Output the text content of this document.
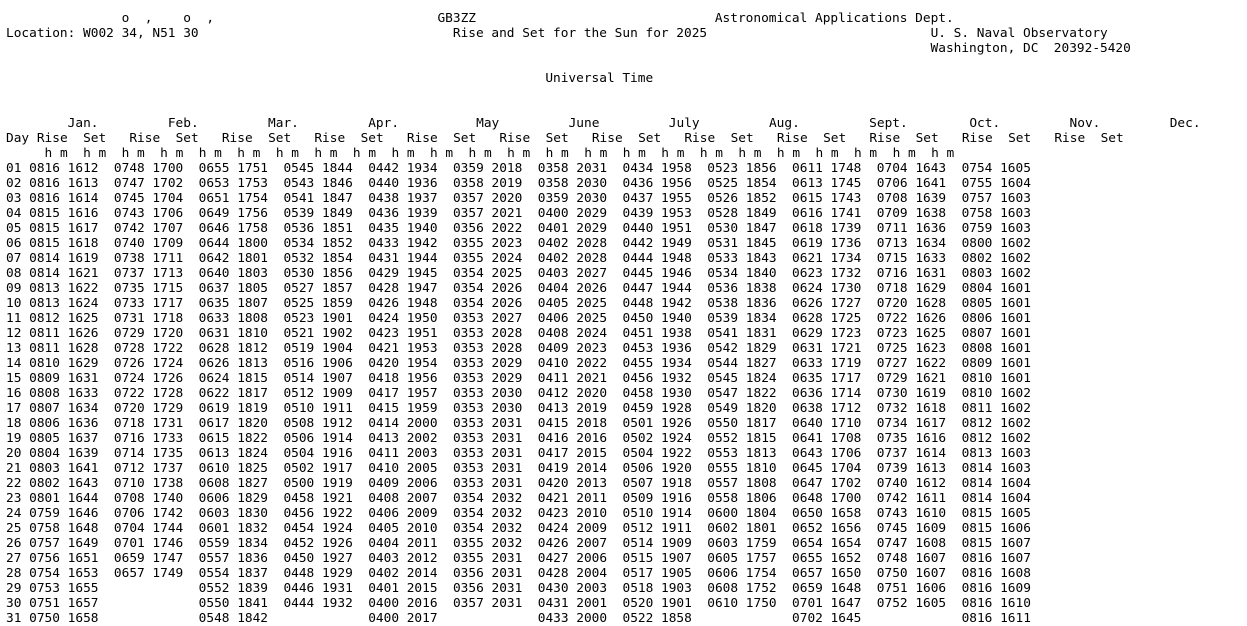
o  ,    o  ,	GB3ZZ	Astronomical Applications Dept.
Location: W002 34, N51 30	Rise and Set for the Sun for 2025	U. S. Naval Observatory
Washington, DC  20392-5420

Universal Time

Jan.	Feb.	Mar.	Apr.	May	June	July	Aug.	Sept.	Oct.	Nov.	Dec.
Day Rise Set Rise Set Rise Set Rise Set Rise Set Rise Set Rise Set Rise Set Rise Set Rise Set Rise Set Rise Set
h m h m h m h m h m h m h m h m h m h m h m h m h m h m h m h m h m h m h m h m h m h m h m h m
01 0816 1612 0748 1700 0655 1751 0545 1844 0442 1934 0359 2018 0358 2031 0434 1958 0523 1856 0611 1748 0704 1643 0754 1605
02 0816 1613 0747 1702 0653 1753 0543 1846 0440 1936 0358 2019 0358 2030 0436 1956 0525 1854 0613 1745 0706 1641 0755 1604
03 0816 1614 0745 1704 0651 1754 0541 1847 0438 1937 0357 2020 0359 2030 0437 1955 0526 1852 0615 1743 0708 1639 0757 1603
04 0815 1616 0743 1706 0649 1756 0539 1849 0436 1939 0357 2021 0400 2029 0439 1953 0528 1849 0616 1741 0709 1638 0758 1603
05 0815 1617 0742 1707 0646 1758 0536 1851 0435 1940 0356 2022 0401 2029 0440 1951 0530 1847 0618 1739 0711 1636 0759 1603
06 0815 1618 0740 1709 0644 1800 0534 1852 0433 1942 0355 2023 0402 2028 0442 1949 0531 1845 0619 1736 0713 1634 0800 1602
07 0814 1619 0738 1711 0642 1801 0532 1854 0431 1944 0355 2024 0402 2028 0444 1948 0533 1843 0621 1734 0715 1633 0802 1602
08 0814 1621 0737 1713 0640 1803 0530 1856 0429 1945 0354 2025 0403 2027 0445 1946 0534 1840 0623 1732 0716 1631 0803 1602
09 0813 1622 0735 1715 0637 1805 0527 1857 0428 1947 0354 2026 0404 2026 0447 1944 0536 1838 0624 1730 0718 1629 0804 1601
10 0813 1624 0733 1717 0635 1807 0525 1859 0426 1948 0354 2026 0405 2025 0448 1942 0538 1836 0626 1727 0720 1628 0805 1601
11 0812 1625 0731 1718 0633 1808 0523 1901 0424 1950 0353 2027 0406 2025 0450 1940 0539 1834 0628 1725 0722 1626 0806 1601
12 0811 1626 0729 1720 0631 1810 0521 1902 0423 1951 0353 2028 0408 2024 0451 1938 0541 1831 0629 1723 0723 1625 0807 1601
13 0811 1628 0728 1722 0628 1812 0519 1904 0421 1953 0353 2028 0409 2023 0453 1936 0542 1829 0631 1721 0725 1623 0808 1601
14 0810 1629 0726 1724 0626 1813 0516 1906 0420 1954 0353 2029 0410 2022 0455 1934 0544 1827 0633 1719 0727 1622 0809 1601
15 0809 1631 0724 1726 0624 1815 0514 1907 0418 1956 0353 2029 0411 2021 0456 1932 0545 1824 0635 1717 0729 1621 0810 1601
16 0808 1633 0722 1728 0622 1817 0512 1909 0417 1957 0353 2030 0412 2020 0458 1930 0547 1822 0636 1714 0730 1619 0810 1602
17 0807 1634 0720 1729 0619 1819 0510 1911 0415 1959 0353 2030 0413 2019 0459 1928 0549 1820 0638 1712 0732 1618 0811 1602
18 0806 1636 0718 1731 0617 1820 0508 1912 0414 2000 0353 2031 0415 2018 0501 1926 0550 1817 0640 1710 0734 1617 0812 1602
19 0805 1637 0716 1733 0615 1822 0506 1914 0413 2002 0353 2031 0416 2016 0502 1924 0552 1815 0641 1708 0735 1616 0812 1602
20 0804 1639 0714 1735 0613 1824 0504 1916 0411 2003 0353 2031 0417 2015 0504 1922 0553 1813 0643 1706 0737 1614 0813 1603
21 0803 1641 0712 1737 0610 1825 0502 1917 0410 2005 0353 2031 0419 2014 0506 1920 0555 1810 0645 1704 0739 1613 0814 1603
22 0802 1643 0710 1738 0608 1827 0500 1919 0409 2006 0353 2031 0420 2013 0507 1918 0557 1808 0647 1702 0740 1612 0814 1604
23 0801 1644 0708 1740 0606 1829 0458 1921 0408 2007 0354 2032 0421 2011 0509 1916 0558 1806 0648 1700 0742 1611 0814 1604
24 0759 1646 0706 1742 0603 1830 0456 1922 0406 2009 0354 2032 0423 2010 0510 1914 0600 1804 0650 1658 0743 1610 0815 1605
25 0758 1648 0704 1744 0601 1832 0454 1924 0405 2010 0354 2032 0424 2009 0512 1911 0602 1801 0652 1656 0745 1609 0815 1606
26 0757 1649 0701 1746 0559 1834 0452 1926 0404 2011 0355 2032 0426 2007 0514 1909 0603 1759 0654 1654 0747 1608 0815 1607
27 0756 1651 0659 1747 0557 1836 0450 1927 0403 2012 0355 2031 0427 2006 0515 1907 0605 1757 0655 1652 0748 1607 0816 1607
28 0754 1653 0657 1749 0554 1837 0448 1929 0402 2014 0356 2031 0428 2004 0517 1905 0606 1754 0657 1650 0750 1607 0816 1608
29 0753 1655	0552 1839 0446 1931 0401 2015 0356 2031 0430 2003 0518 1903 0608 1752 0659 1648 0751 1606 0816 1609
30 0751 1657	0550 1841 0444 1932 0400 2016 0357 2031 0431 2001 0520 1901 0610 1750 0701 1647 0752 1605 0816 1610
31 0750 1658	0548 1842	0400 2017	0433 2000 0522 1858	0702 1645	0816 1611
